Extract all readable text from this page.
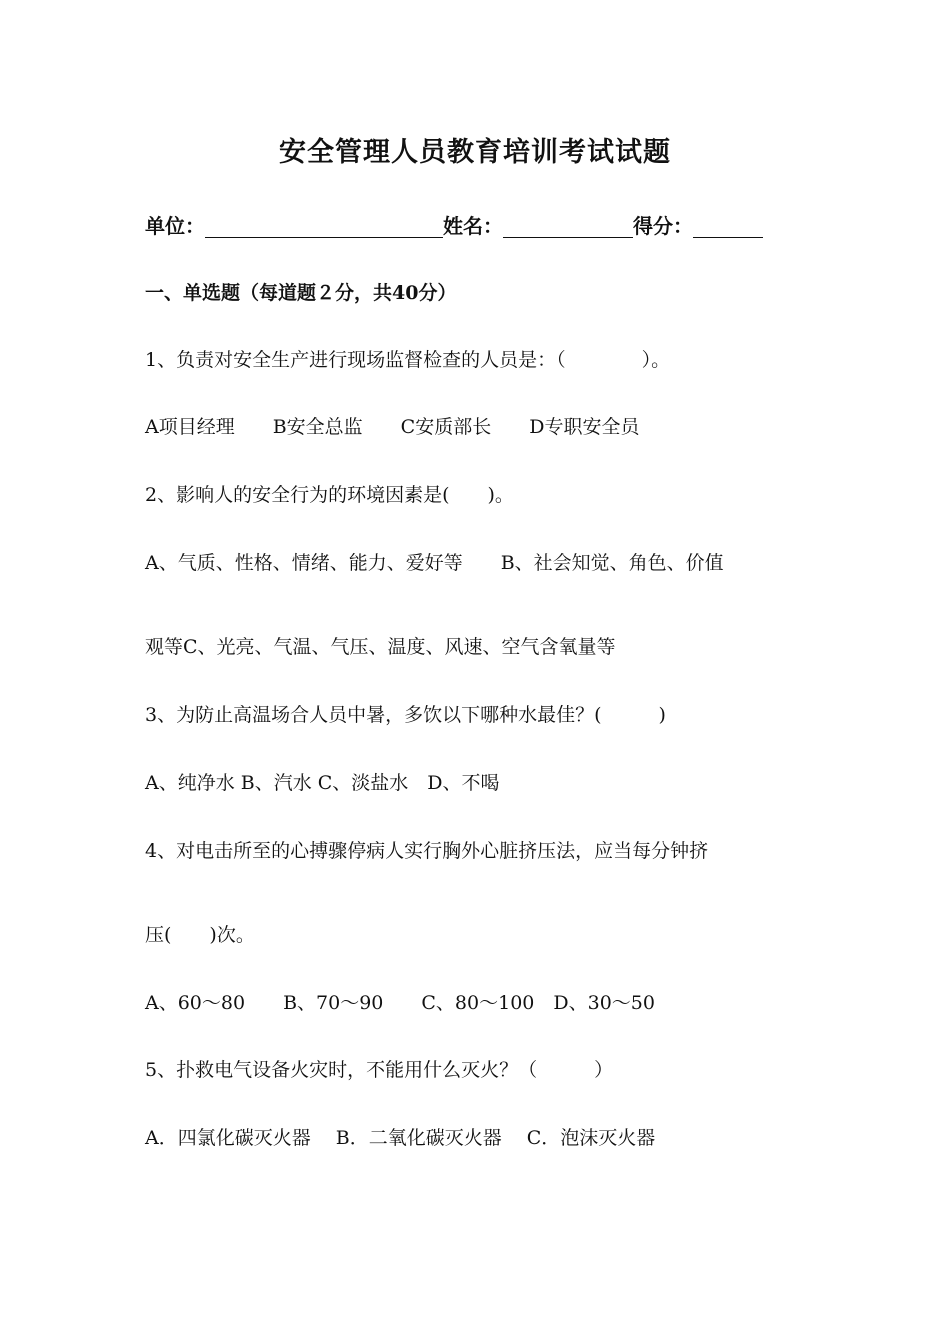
安全管理人员教育培训考试试题
单位：	姓名：	得分：
一、单选题（每道题２分，共40分）
1、负责对安全生产进行现场监督检查的人员是：（　　　　）。
A项目经理　　B安全总监　　C安质部长　　D专职安全员
2、影响人的安全行为的环境因素是(　　)。
A、气质、性格、情绪、能力、爱好等　　B、社会知觉、角色、价值
观等C、光亮、气温、气压、温度、风速、空气含氧量等
3、为防止高温场合人员中暑，多饮以下哪种水最佳？(　　　)
A、纯净水 B、汽水 C、淡盐水　D、不喝
4、对电击所至的心搏骤停病人实行胸外心脏挤压法，应当每分钟挤
压(　　)次。
A、60～80　　B、70～90　　C、80～100　D、30～50
5、扑救电气设备火灾时，不能用什么灭火？（　　　）
A．四氯化碳灭火器　 B．二氧化碳灭火器　 C．泡沫灭火器
